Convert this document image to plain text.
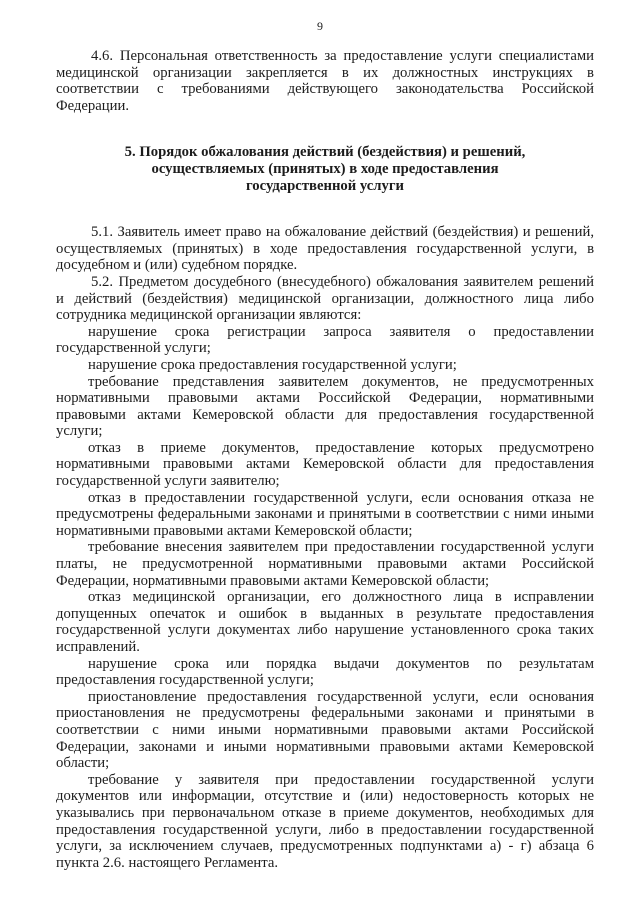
9

4.6. Персональная ответственность за предоставление услуги специалистами медицинской организации закрепляется в их должностных инструкциях в соответствии с требованиями действующего законодательства Российской Федерации.

5. Порядок обжалования действий (бездействия) и решений,
осуществляемых (принятых) в ходе предоставления
государственной услуги

5.1. Заявитель имеет право на обжалование действий (бездействия) и решений, осуществляемых (принятых) в ходе предоставления государственной услуги, в досудебном и (или) судебном порядке.

5.2. Предметом досудебного (внесудебного) обжалования заявителем решений и действий (бездействия) медицинской организации, должностного лица либо сотрудника медицинской организации являются:

нарушение срока регистрации запроса заявителя о предоставлении государственной услуги;

нарушение срока предоставления государственной услуги;

требование представления заявителем документов, не предусмотренных нормативными правовыми актами Российской Федерации, нормативными правовыми актами Кемеровской области для предоставления государственной услуги;

отказ в приеме документов, предоставление которых предусмотрено нормативными правовыми актами Кемеровской области для предоставления государственной услуги заявителю;

отказ в предоставлении государственной услуги, если основания отказа не предусмотрены федеральными законами и принятыми в соответствии с ними иными нормативными правовыми актами Кемеровской области;

требование внесения заявителем при предоставлении государственной услуги платы, не предусмотренной нормативными правовыми актами Российской Федерации, нормативными правовыми актами Кемеровской области;

отказ медицинской организации, его должностного лица в исправлении допущенных опечаток и ошибок в выданных в результате предоставления государственной услуги документах либо нарушение установленного срока таких исправлений.

нарушение срока или порядка выдачи документов по результатам предоставления государственной услуги;

приостановление предоставления государственной услуги, если основания приостановления не предусмотрены федеральными законами и принятыми в соответствии с ними иными нормативными правовыми актами Российской Федерации, законами и иными нормативными правовыми актами Кемеровской области;

требование у заявителя при предоставлении государственной услуги документов или информации, отсутствие и (или) недостоверность которых не указывались при первоначальном отказе в приеме документов, необходимых для предоставления государственной услуги, либо в предоставлении государственной услуги, за исключением случаев, предусмотренных подпунктами а) - г) абзаца 6 пункта 2.6. настоящего Регламента.
